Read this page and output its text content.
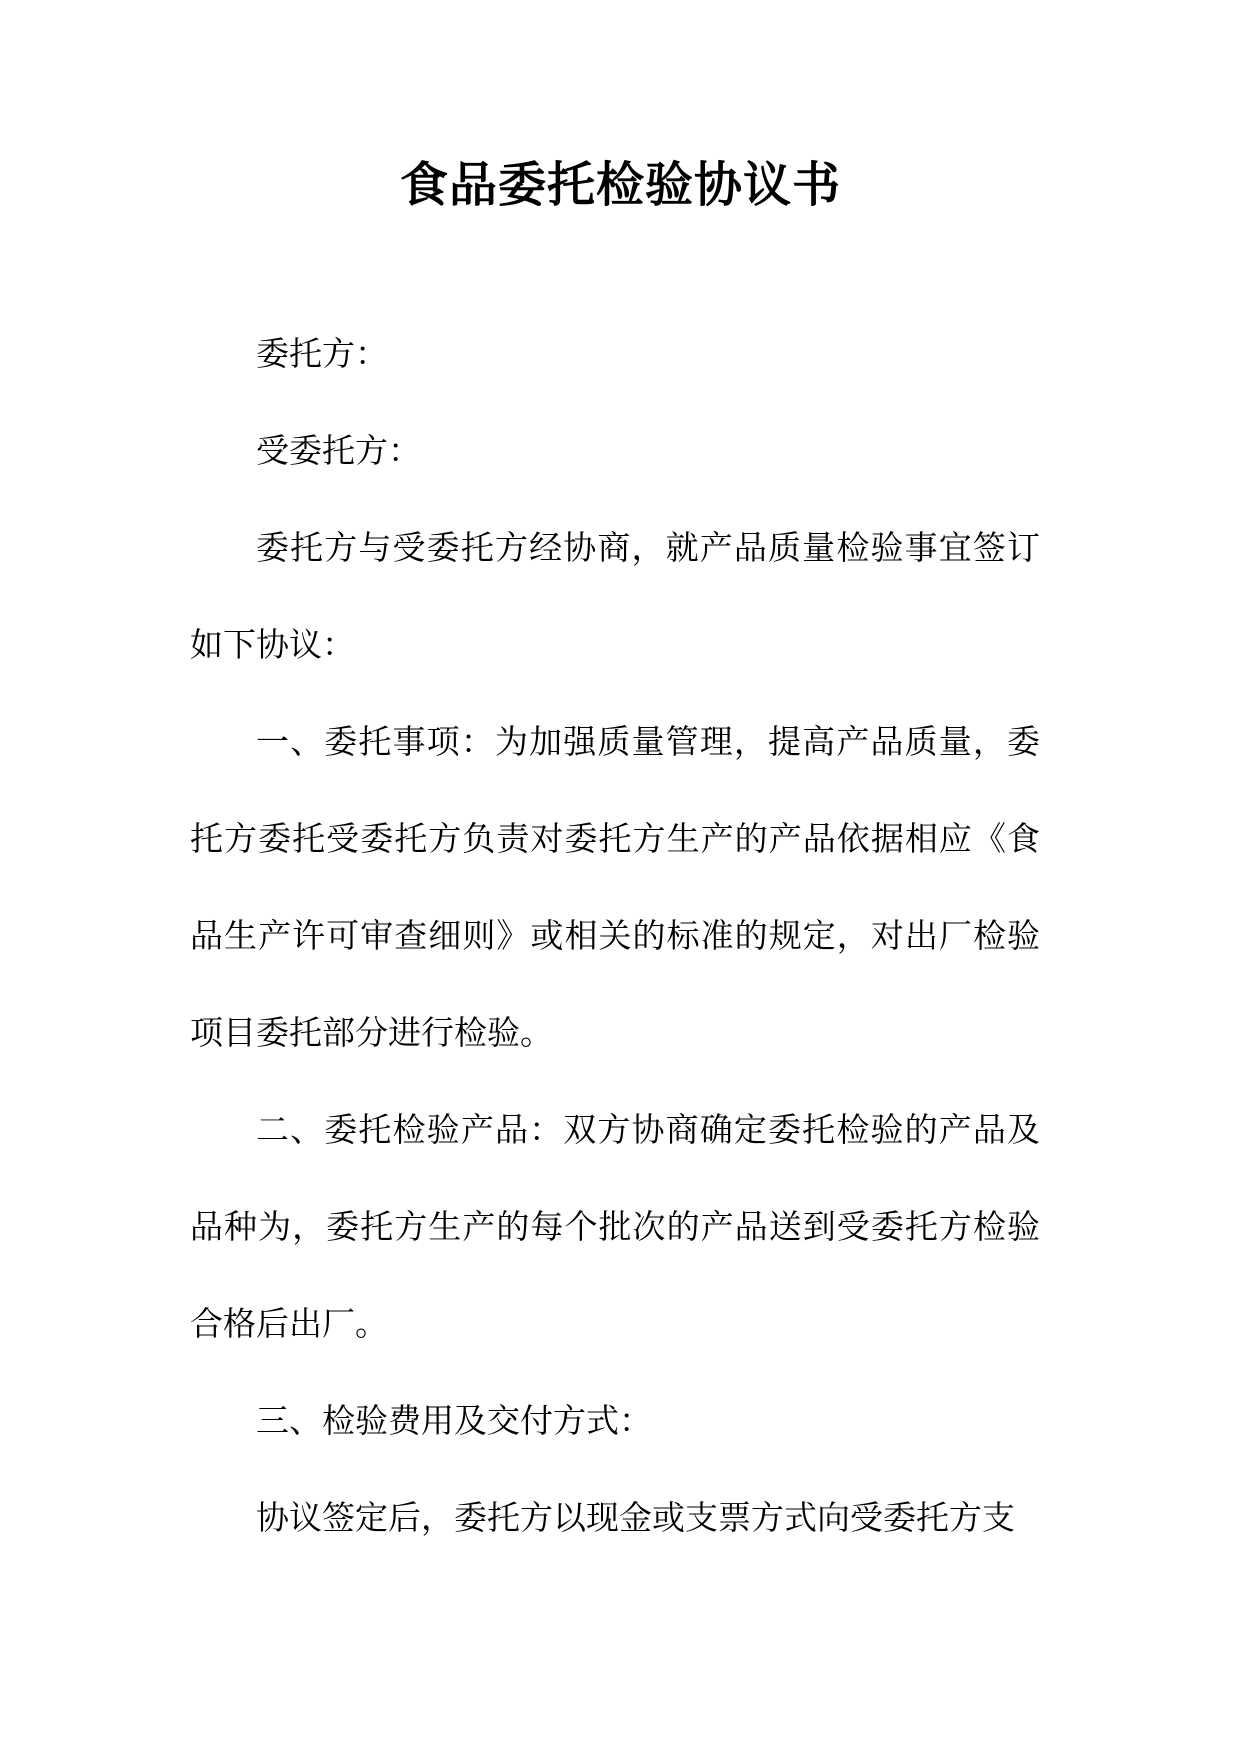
食品委托检验协议书

委托方：

受委托方：

委托方与受委托方经协商，就产品质量检验事宜签订如下协议：

一、委托事项：为加强质量管理，提高产品质量，委托方委托受委托方负责对委托方生产的产品依据相应《食品生产许可审查细则》或相关的标准的规定，对出厂检验项目委托部分进行检验。

二、委托检验产品：双方协商确定委托检验的产品及品种为，委托方生产的每个批次的产品送到受委托方检验合格后出厂。

三、检验费用及交付方式：

协议签定后，委托方以现金或支票方式向受委托方支
